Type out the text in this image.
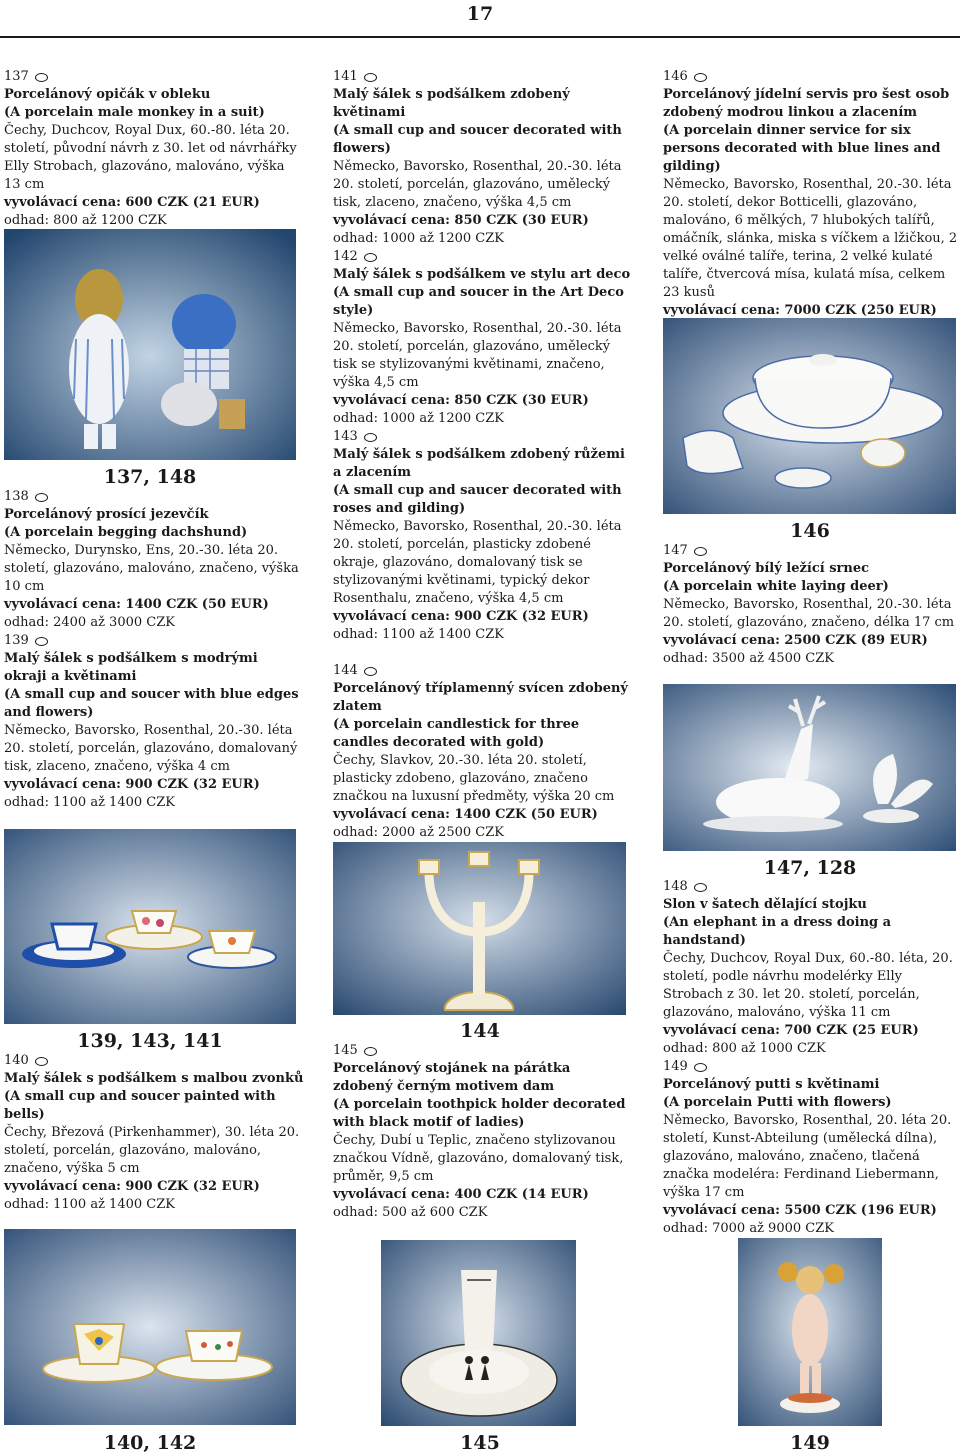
17
137
Porcelánový opičák v obleku
(A porcelain male monkey in a suit)
Čechy, Duchcov, Royal Dux, 60.-80. léta 20. století, původní návrh z 30. let od návrhářky Elly Strobach, glazováno, malováno, výška 13 cm
vyvolávací cena: 600 CZK (21 EUR)
odhad: 800 až 1200 CZK
137, 148
138
Porcelánový prosící jezevčík
(A porcelain begging dachshund)
Německo, Durynsko, Ens, 20.-30. léta 20. století, glazováno, malováno, značeno, výška 10 cm
vyvolávací cena: 1400 CZK (50 EUR)
odhad: 2400 až 3000 CZK
139
Malý šálek s podšálkem s modrými okraji a květinami
(A small cup and soucer with blue edges and flowers)
Německo, Bavorsko, Rosenthal, 20.-30. léta 20. století, porcelán, glazováno, domalovaný tisk, zlaceno, značeno, výška 4 cm
vyvolávací cena: 900 CZK (32 EUR)
odhad: 1100 až 1400 CZK
139, 143, 141
140
Malý šálek s podšálkem s malbou zvonků
(A small cup and soucer painted with bells)
Čechy, Březová (Pirkenhammer), 30. léta 20. století, porcelán, glazováno, malováno, značeno, výška 5 cm
vyvolávací cena: 900 CZK (32 EUR)
odhad: 1100 až 1400 CZK
140, 142
141
Malý šálek s podšálkem zdobený květinami
(A small cup and soucer decorated with flowers)
Německo, Bavorsko, Rosenthal, 20.-30. léta 20. století, porcelán, glazováno, umělecký tisk, zlaceno, značeno, výška 4,5 cm
vyvolávací cena: 850 CZK (30 EUR)
odhad: 1000 až 1200 CZK
142
Malý šálek s podšálkem ve stylu art deco
(A small cup and soucer in the Art Deco style)
Německo, Bavorsko, Rosenthal, 20.-30. léta 20. století, porcelán, glazováno, umělecký tisk se stylizovanými květinami, značeno, výška 4,5 cm
vyvolávací cena: 850 CZK (30 EUR)
odhad: 1000 až 1200 CZK
143
Malý šálek s podšálkem zdobený růžemi a zlacením
(A small cup and saucer decorated with roses and gilding)
Německo, Bavorsko, Rosenthal, 20.-30. léta 20. století, porcelán, plasticky zdobené okraje, glazováno, domalovaný tisk se stylizovanými květinami, typický dekor Rosenthalu, značeno, výška 4,5 cm
vyvolávací cena: 900 CZK (32 EUR)
odhad: 1100 až 1400 CZK
144
Porcelánový tříplamenný svícen zdobený zlatem
(A porcelain candlestick for three candles decorated with gold)
Čechy, Slavkov, 20.-30. léta 20. století, plasticky zdobeno, glazováno, značeno značkou na luxusní předměty, výška 20 cm
vyvolávací cena: 1400 CZK (50 EUR)
odhad: 2000 až 2500 CZK
144
145
Porcelánový stojánek na párátka zdobený černým motivem dam
(A porcelain toothpick holder decorated with black motif of ladies)
Čechy, Dubí u Teplic, značeno stylizovanou značkou Vídně, glazováno, domalovaný tisk, průměr, 9,5 cm
vyvolávací cena: 400 CZK (14 EUR)
odhad: 500 až 600 CZK
145
146
Porcelánový jídelní servis pro šest osob zdobený modrou linkou a zlacením
(A porcelain dinner service for six persons decorated with blue lines and gilding)
Německo, Bavorsko, Rosenthal, 20.-30. léta 20. století, dekor Botticelli, glazováno, malováno, 6 mělkých, 7 hlubokých talířů, omáčník, slánka, miska s víčkem a lžičkou, 2 velké oválné talíře, terina, 2 velké kulaté talíře, čtvercová mísa, kulatá mísa, celkem 23 kusů
vyvolávací cena: 7000 CZK (250 EUR)
146
147
Porcelánový bílý ležící srnec
(A porcelain white laying deer)
Německo, Bavorsko, Rosenthal, 20.-30. léta 20. století, glazováno, značeno, délka 17 cm
vyvolávací cena: 2500 CZK (89 EUR)
odhad: 3500 až 4500 CZK
147, 128
148
Slon v šatech dělající stojku
(An elephant in a dress doing a handstand)
Čechy, Duchcov, Royal Dux, 60.-80. léta, 20. století, podle návrhu modelérky Elly Strobach z 30. let 20. století, porcelán, glazováno, malováno, výška 11 cm
vyvolávací cena: 700 CZK (25 EUR)
odhad: 800 až 1000 CZK
149
Porcelánový putti s květinami
(A porcelain Putti with flowers)
Německo, Bavorsko, Rosenthal, 20. léta 20. století, Kunst-Abteilung (umělecká dílna), glazováno, malováno, značeno, tlačená značka modeléra: Ferdinand Liebermann, výška 17 cm
vyvolávací cena: 5500 CZK (196 EUR)
odhad: 7000 až 9000 CZK
149
